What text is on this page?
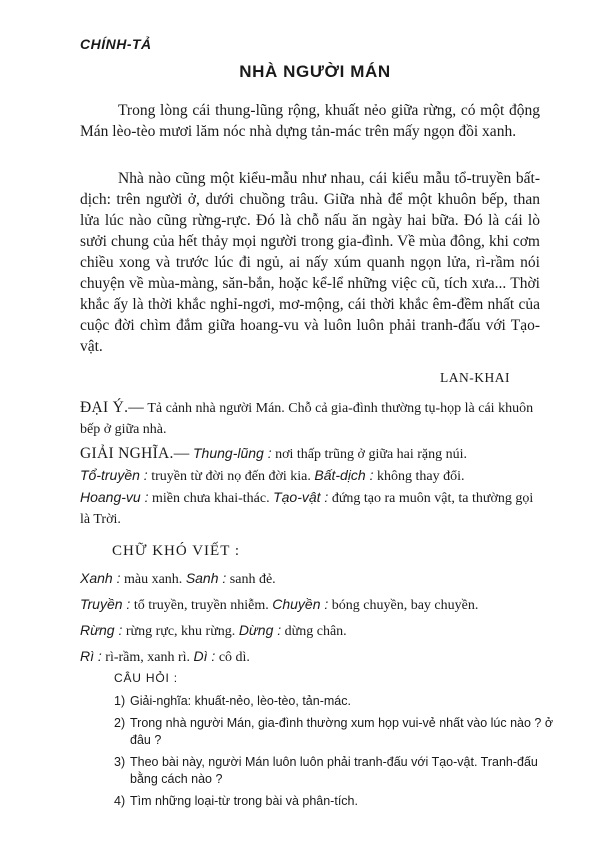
CHÍNH-TẢ
NHÀ NGƯỜI MÁN

Trong lòng cái thung-lũng rộng, khuất nẻo giữa rừng, có một động Mán lèo-tèo mươi lăm nóc nhà dựng tản-mác trên mấy ngọn đồi xanh.

Nhà nào cũng một kiểu-mẫu như nhau, cái kiểu mẫu tổ-truyền bất-dịch: trên người ở, dưới chuồng trâu. Giữa nhà để một khuôn bếp, than lửa lúc nào cũng rừng-rực. Đó là chỗ nấu ăn ngày hai bữa. Đó là cái lò sưởi chung của hết thảy mọi người trong gia-đình. Về mùa đông, khi cơm chiều xong và trước lúc đi ngủ, ai nấy xúm quanh ngọn lửa, rì-rầm nói chuyện về mùa-màng, săn-bắn, hoặc kể-lể những việc cũ, tích xưa... Thời khắc ấy là thời khắc nghỉ-ngơi, mơ-mộng, cái thời khắc êm-đềm nhất của cuộc đời chìm đắm giữa hoang-vu và luôn luôn phải tranh-đấu với Tạo-vật.

LAN-KHAI
ĐẠI Ý.— Tả cảnh nhà người Mán. Chỗ cả gia-đình thường tụ-họp là cái khuôn bếp ở giữa nhà.
GIẢI NGHĨA.— Thung-lũng : nơi thấp trũng ở giữa hai rặng núi.
Tổ-truyền : truyền từ đời nọ đến đời kia. Bất-dịch : không thay đổi.
Hoang-vu : miền chưa khai-thác. Tạo-vật : đứng tạo ra muôn vật, ta thường gọi là Trời.
CHỮ KHÓ VIẾT :
Xanh : màu xanh. Sanh : sanh đẻ.
Truyền : tổ truyền, truyền nhiễm. Chuyền : bóng chuyền, bay chuyền.
Rừng : rừng rực, khu rừng. Dừng : dừng chân.
Rì : rì-rầm, xanh rì. Dì : cô dì.
CÂU HỎI :
1) Giải-nghĩa: khuất-nẻo, lèo-tèo, tản-mác.
2) Trong nhà người Mán, gia-đình thường xum họp vui-vẻ nhất vào lúc nào ? ở đâu ?
3) Theo bài này, người Mán luôn luôn phải tranh-đấu với Tạo-vật. Tranh-đấu bằng cách nào ?
4) Tìm những loại-từ trong bài và phân-tích.
